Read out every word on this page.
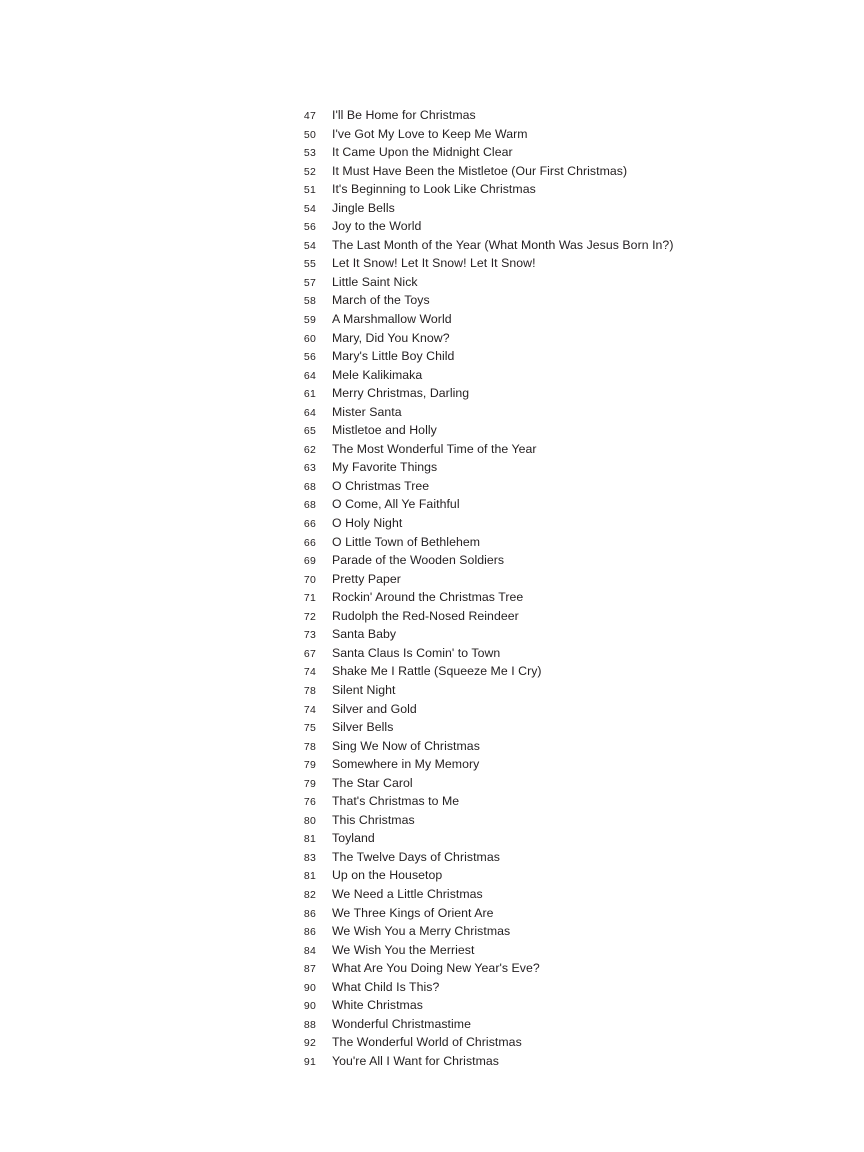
47 I'll Be Home for Christmas
50 I've Got My Love to Keep Me Warm
53 It Came Upon the Midnight Clear
52 It Must Have Been the Mistletoe (Our First Christmas)
51 It's Beginning to Look Like Christmas
54 Jingle Bells
56 Joy to the World
54 The Last Month of the Year (What Month Was Jesus Born In?)
55 Let It Snow! Let It Snow! Let It Snow!
57 Little Saint Nick
58 March of the Toys
59 A Marshmallow World
60 Mary, Did You Know?
56 Mary's Little Boy Child
64 Mele Kalikimaka
61 Merry Christmas, Darling
64 Mister Santa
65 Mistletoe and Holly
62 The Most Wonderful Time of the Year
63 My Favorite Things
68 O Christmas Tree
68 O Come, All Ye Faithful
66 O Holy Night
66 O Little Town of Bethlehem
69 Parade of the Wooden Soldiers
70 Pretty Paper
71 Rockin' Around the Christmas Tree
72 Rudolph the Red-Nosed Reindeer
73 Santa Baby
67 Santa Claus Is Comin' to Town
74 Shake Me I Rattle (Squeeze Me I Cry)
78 Silent Night
74 Silver and Gold
75 Silver Bells
78 Sing We Now of Christmas
79 Somewhere in My Memory
79 The Star Carol
76 That's Christmas to Me
80 This Christmas
81 Toyland
83 The Twelve Days of Christmas
81 Up on the Housetop
82 We Need a Little Christmas
86 We Three Kings of Orient Are
86 We Wish You a Merry Christmas
84 We Wish You the Merriest
87 What Are You Doing New Year's Eve?
90 What Child Is This?
90 White Christmas
88 Wonderful Christmastime
92 The Wonderful World of Christmas
91 You're All I Want for Christmas
